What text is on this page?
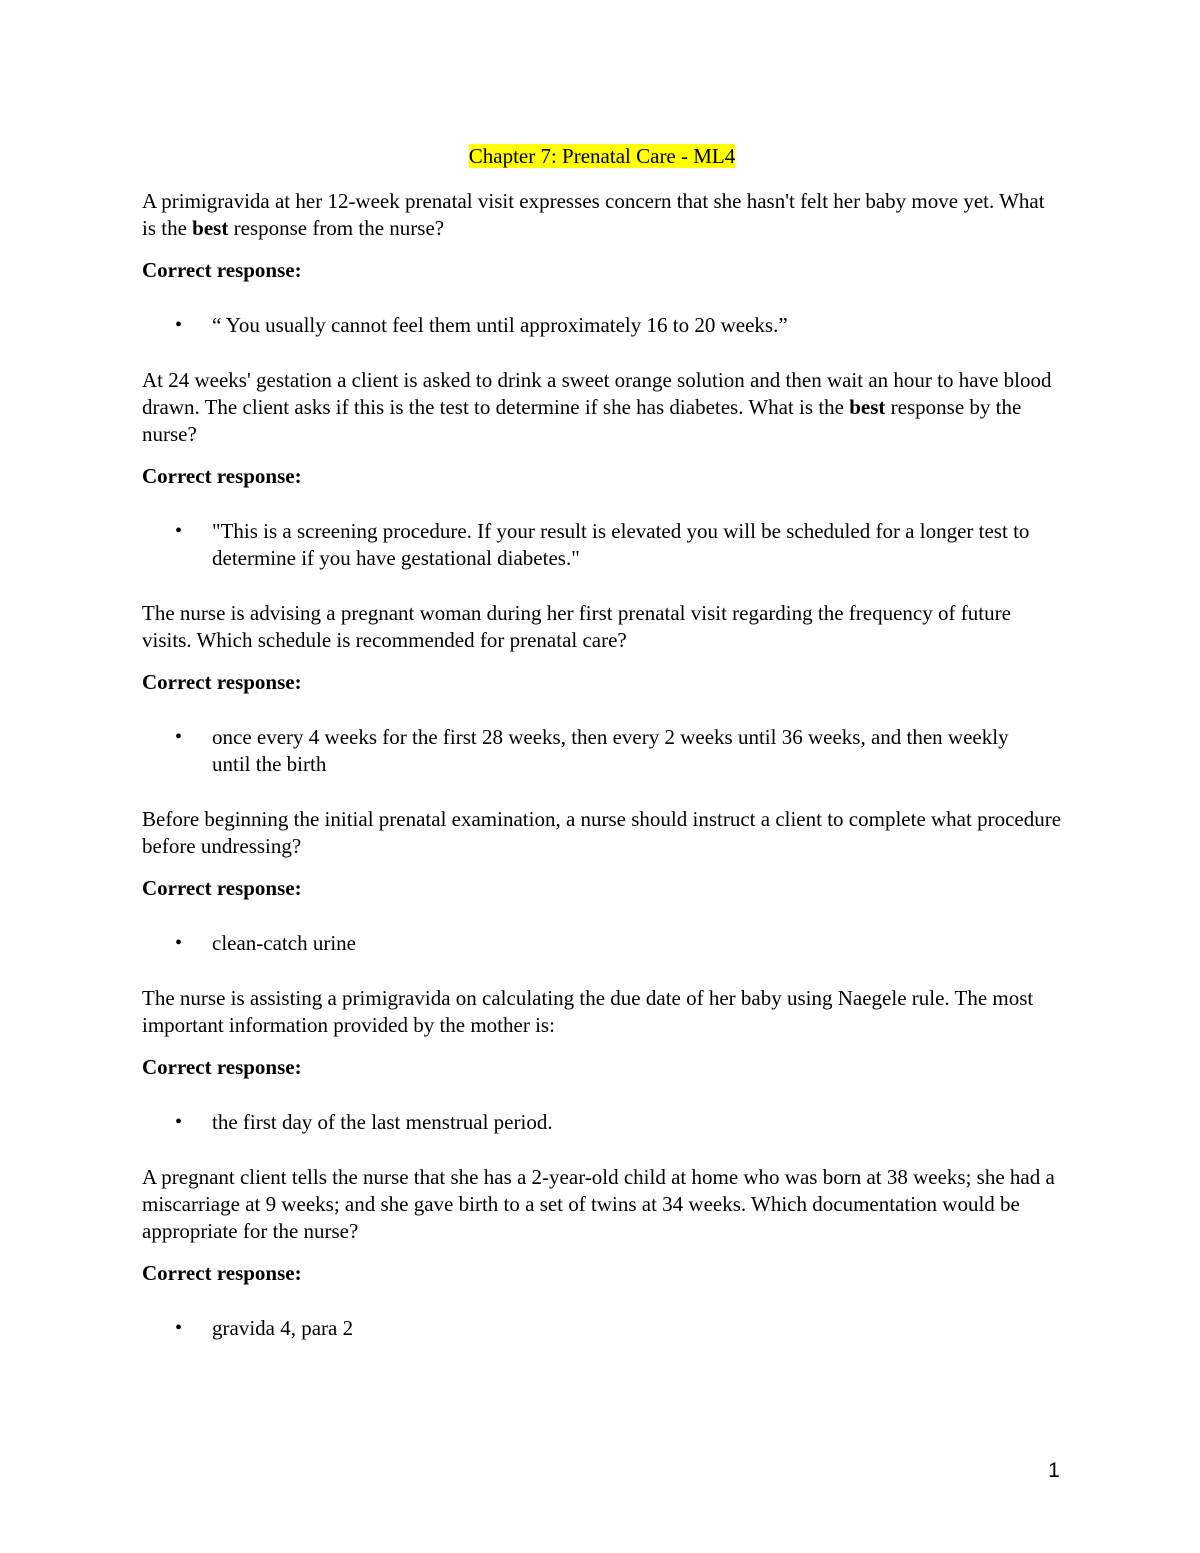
Chapter 7: Prenatal Care - ML4

A primigravida at her 12-week prenatal visit expresses concern that she hasn't felt her baby move yet. What is the best response from the nurse?

Correct response:

• “ You usually cannot feel them until approximately 16 to 20 weeks.”

At 24 weeks' gestation a client is asked to drink a sweet orange solution and then wait an hour to have blood drawn. The client asks if this is the test to determine if she has diabetes. What is the best response by the nurse?

Correct response:

• "This is a screening procedure. If your result is elevated you will be scheduled for a longer test to determine if you have gestational diabetes."

The nurse is advising a pregnant woman during her first prenatal visit regarding the frequency of future visits. Which schedule is recommended for prenatal care?

Correct response:

• once every 4 weeks for the first 28 weeks, then every 2 weeks until 36 weeks, and then weekly until the birth

Before beginning the initial prenatal examination, a nurse should instruct a client to complete what procedure before undressing?

Correct response:

• clean-catch urine

The nurse is assisting a primigravida on calculating the due date of her baby using Naegele rule. The most important information provided by the mother is:

Correct response:

• the first day of the last menstrual period.

A pregnant client tells the nurse that she has a 2-year-old child at home who was born at 38 weeks; she had a miscarriage at 9 weeks; and she gave birth to a set of twins at 34 weeks. Which documentation would be appropriate for the nurse?

Correct response:

• gravida 4, para 2
1
